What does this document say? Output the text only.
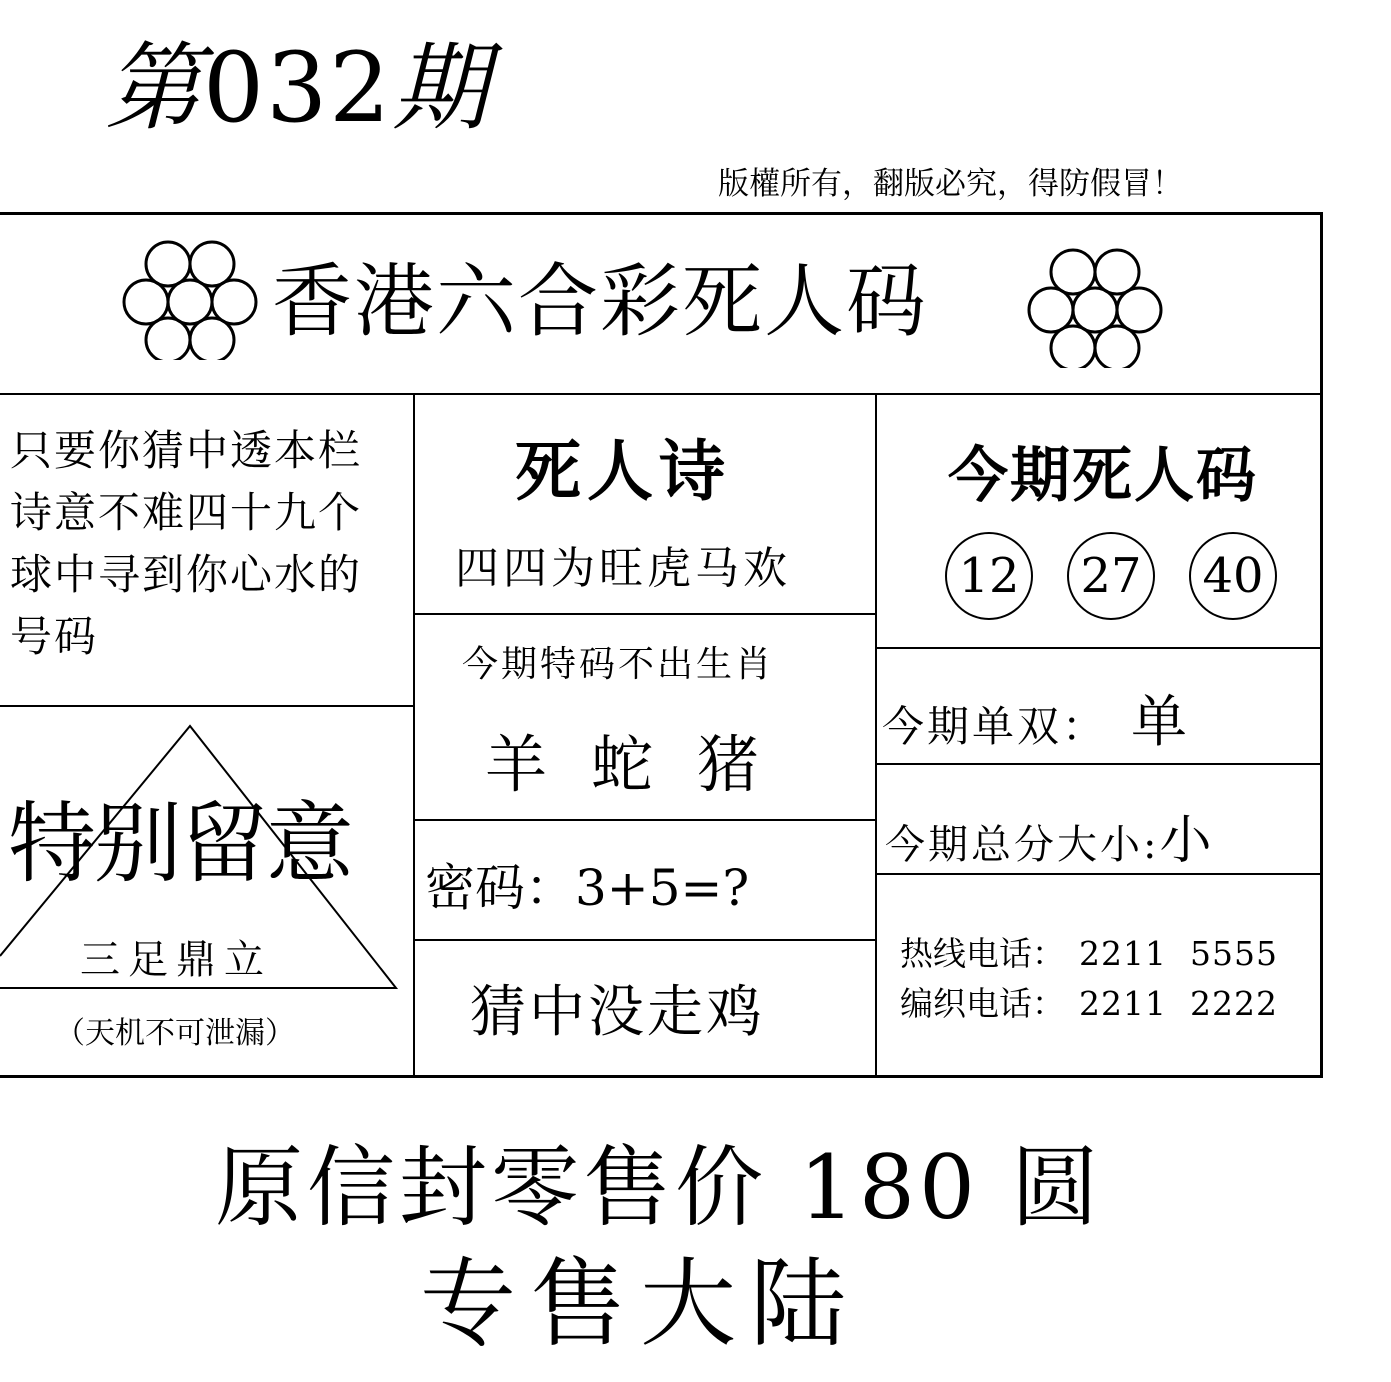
第032期
版權所有，翻版必究，得防假冒！
香港六合彩死人码
只要你猜中透本栏诗意不难四十九个球中寻到你心水的号码
特别留意
三足鼎立
（天机不可泄漏）
死人诗
四四为旺虎马欢
今期特码不出生肖
羊 蛇 猪
密码：3+5=?
猜中没走鸡
今期死人码
12 27 40
今期单双： 单
今期总分大小:小
热线电话： 2211  5555
编织电话： 2211  2222
原信封零售价 180 圆
专售大陆
